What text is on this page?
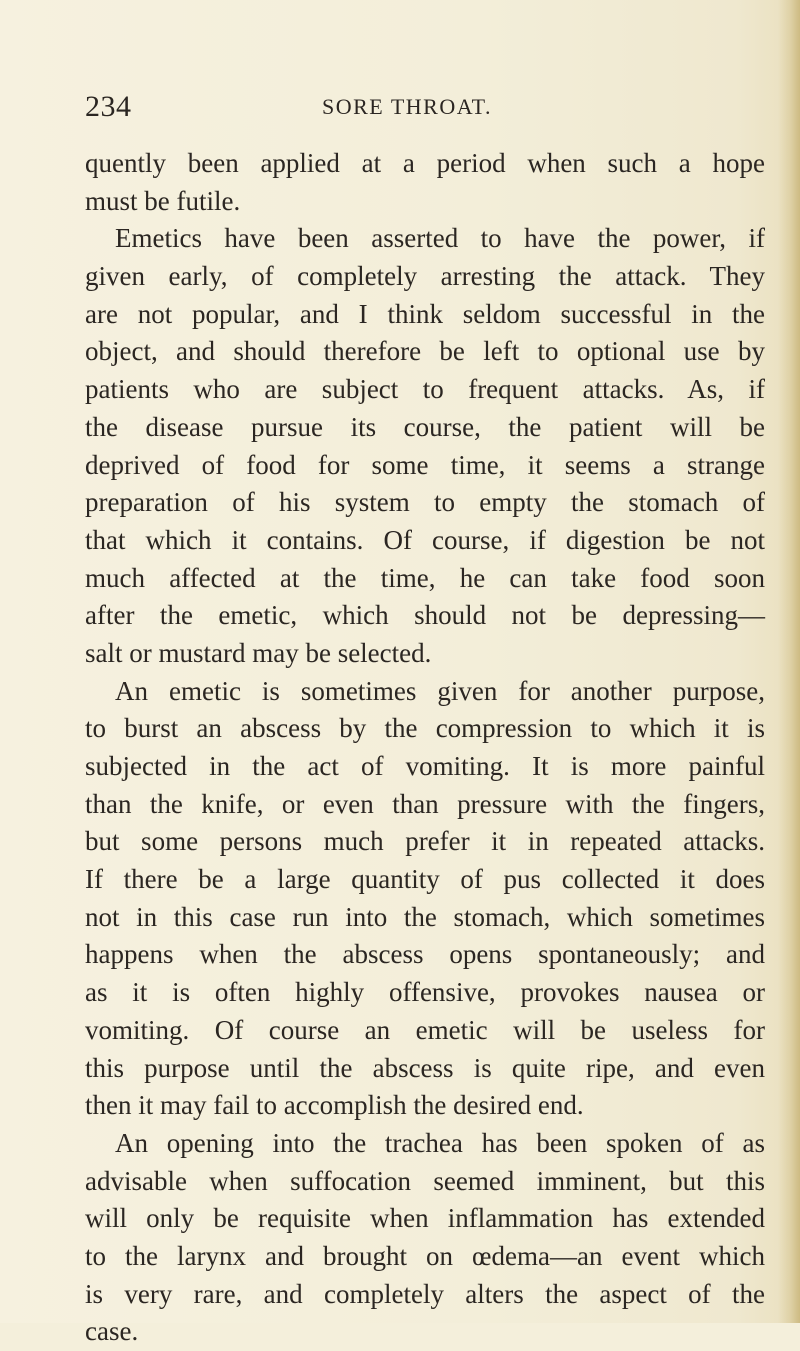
234	SORE THROAT.
quently been applied at a period when such a hope
must be futile.
Emetics have been asserted to have the power, if
given early, of completely arresting the attack. They
are not popular, and I think seldom successful in the
object, and should therefore be left to optional use by
patients who are subject to frequent attacks. As, if
the disease pursue its course, the patient will be
deprived of food for some time, it seems a strange
preparation of his system to empty the stomach of
that which it contains. Of course, if digestion be not
much affected at the time, he can take food soon
after the emetic, which should not be depressing—
salt or mustard may be selected.
An emetic is sometimes given for another purpose,
to burst an abscess by the compression to which it is
subjected in the act of vomiting. It is more painful
than the knife, or even than pressure with the fingers,
but some persons much prefer it in repeated attacks.
If there be a large quantity of pus collected it does
not in this case run into the stomach, which sometimes
happens when the abscess opens spontaneously; and
as it is often highly offensive, provokes nausea or
vomiting. Of course an emetic will be useless for
this purpose until the abscess is quite ripe, and even
then it may fail to accomplish the desired end.
An opening into the trachea has been spoken of as
advisable when suffocation seemed imminent, but this
will only be requisite when inflammation has extended
to the larynx and brought on œdema—an event which
is very rare, and completely alters the aspect of the
case.
